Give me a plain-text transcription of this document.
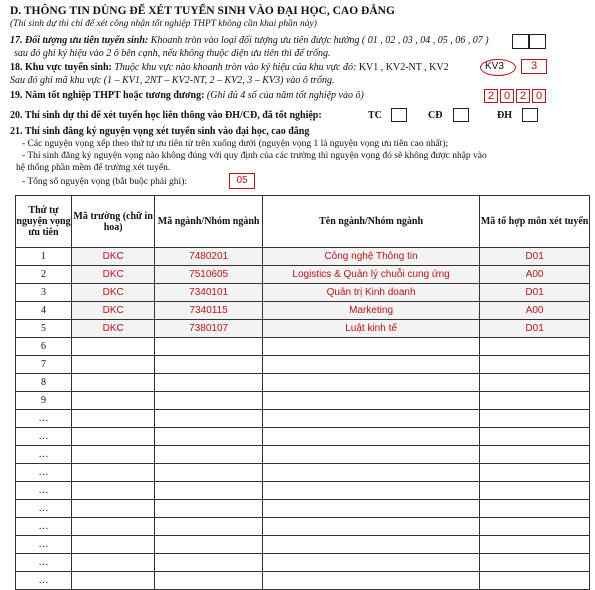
D. THÔNG TIN DÙNG ĐỂ XÉT TUYỂN SINH VÀO ĐẠI HỌC, CAO ĐẲNG
(Thí sinh dự thi chỉ để xét công nhận tốt nghiệp THPT không cần khai phần này)
17. Đối tượng ưu tiên tuyển sinh: Khoanh tròn vào loại đối tượng ưu tiên được hưởng ( 01 , 02 , 03 , 04 , 05 , 06 , 07 )
sau đó ghi ký hiệu vào 2 ô bên cạnh, nếu không thuộc diện ưu tiên thì để trống.
18. Khu vực tuyển sinh: Thuộc khu vực nào khoanh tròn vào ký hiệu của khu vực đó: KV1 , KV2-NT , KV2	KV3	3
Sau đó ghi mã khu vực (1 – KV1, 2NT – KV2-NT, 2 – KV2, 3 – KV3) vào ô trống.
19. Năm tốt nghiệp THPT hoặc tương đương: (Ghi đủ 4 số của năm tốt nghiệp vào ô)	2 0 2 0
20. Thí sinh dự thi để xét tuyển học liên thông vào ĐH/CĐ, đã tốt nghiệp:	TC	CĐ	ĐH
21. Thí sinh đăng ký nguyện vọng xét tuyển sinh vào đại học, cao đẳng
- Các nguyện vọng xếp theo thứ tự ưu tiên từ trên xuống dưới (nguyện vọng 1 là nguyện vọng ưu tiên cao nhất);
- Thí sinh đăng ký nguyện vọng nào không đúng với quy định của các trường thì nguyện vọng đó sẽ không được nhập vào
hệ thống phần mềm để trường xét tuyển.
- Tổng số nguyện vọng (bắt buộc phải ghi):	05
Thứ tự nguyện vọng ưu tiên	Mã trường (chữ in hoa)	Mã ngành/Nhóm ngành	Tên ngành/Nhóm ngành	Mã tổ hợp môn xét tuyển
1	DKC	7480201	Công nghệ Thông tin	D01
2	DKC	7510605	Logistics & Quản lý chuỗi cung ứng	A00
3	DKC	7340101	Quản trị Kinh doanh	D01
4	DKC	7340115	Marketing	A00
5	DKC	7380107	Luật kinh tế	D01
6				
7				
8				
9				
…				
…				
…				
…				
…				
…				
…				
…				
…				
…				
